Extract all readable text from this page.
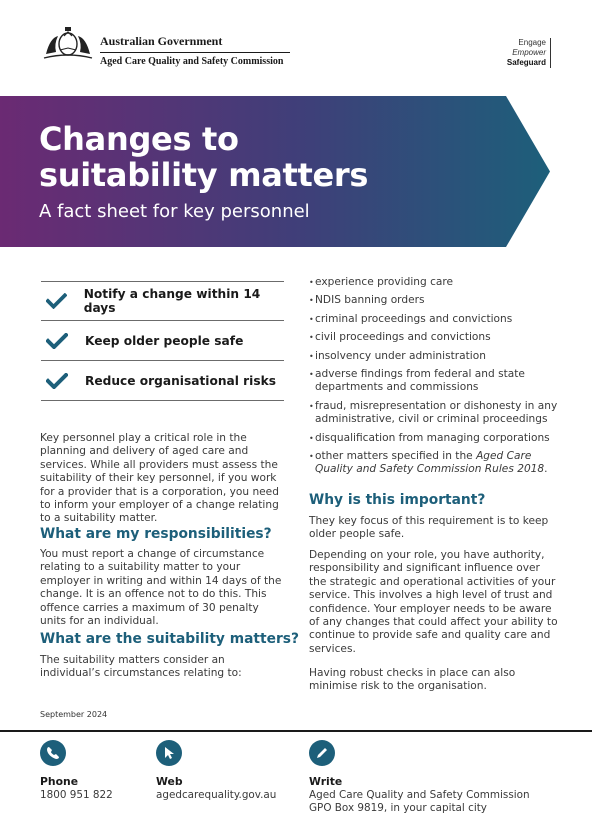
Australian Government
Aged Care Quality and Safety Commission
Engage
Empower
Safeguard
Changes to
suitability matters
A fact sheet for key personnel
Notify a change within 14 days
Keep older people safe
Reduce organisational risks

Key personnel play a critical role in the planning and delivery of aged care and services. While all providers must assess the suitability of their key personnel, if you work for a provider that is a corporation, you need to inform your employer of a change relating to a suitability matter.

What are my responsibilities?

You must report a change of circumstance relating to a suitability matter to your employer in writing and within 14 days of the change. It is an offence not to do this. This offence carries a maximum of 30 penalty units for an individual.

What are the suitability matters?

The suitability matters consider an individual’s circumstances relating to:

• experience providing care
• NDIS banning orders
• criminal proceedings and convictions
• civil proceedings and convictions
• insolvency under administration
• adverse findings from federal and state departments and commissions
• fraud, misrepresentation or dishonesty in any administrative, civil or criminal proceedings
• disqualification from managing corporations
• other matters specified in the Aged Care Quality and Safety Commission Rules 2018.
Why is this important?

They key focus of this requirement is to keep older people safe.

Depending on your role, you have authority, responsibility and significant influence over the strategic and operational activities of your service. This involves a high level of trust and confidence. Your employer needs to be aware of any changes that could affect your ability to continue to provide safe and quality care and services.

Having robust checks in place can also minimise risk to the organisation.

September 2024
Phone
1800 951 822
Web
agedcarequality.gov.au
Write
Aged Care Quality and Safety Commission
GPO Box 9819, in your capital city
